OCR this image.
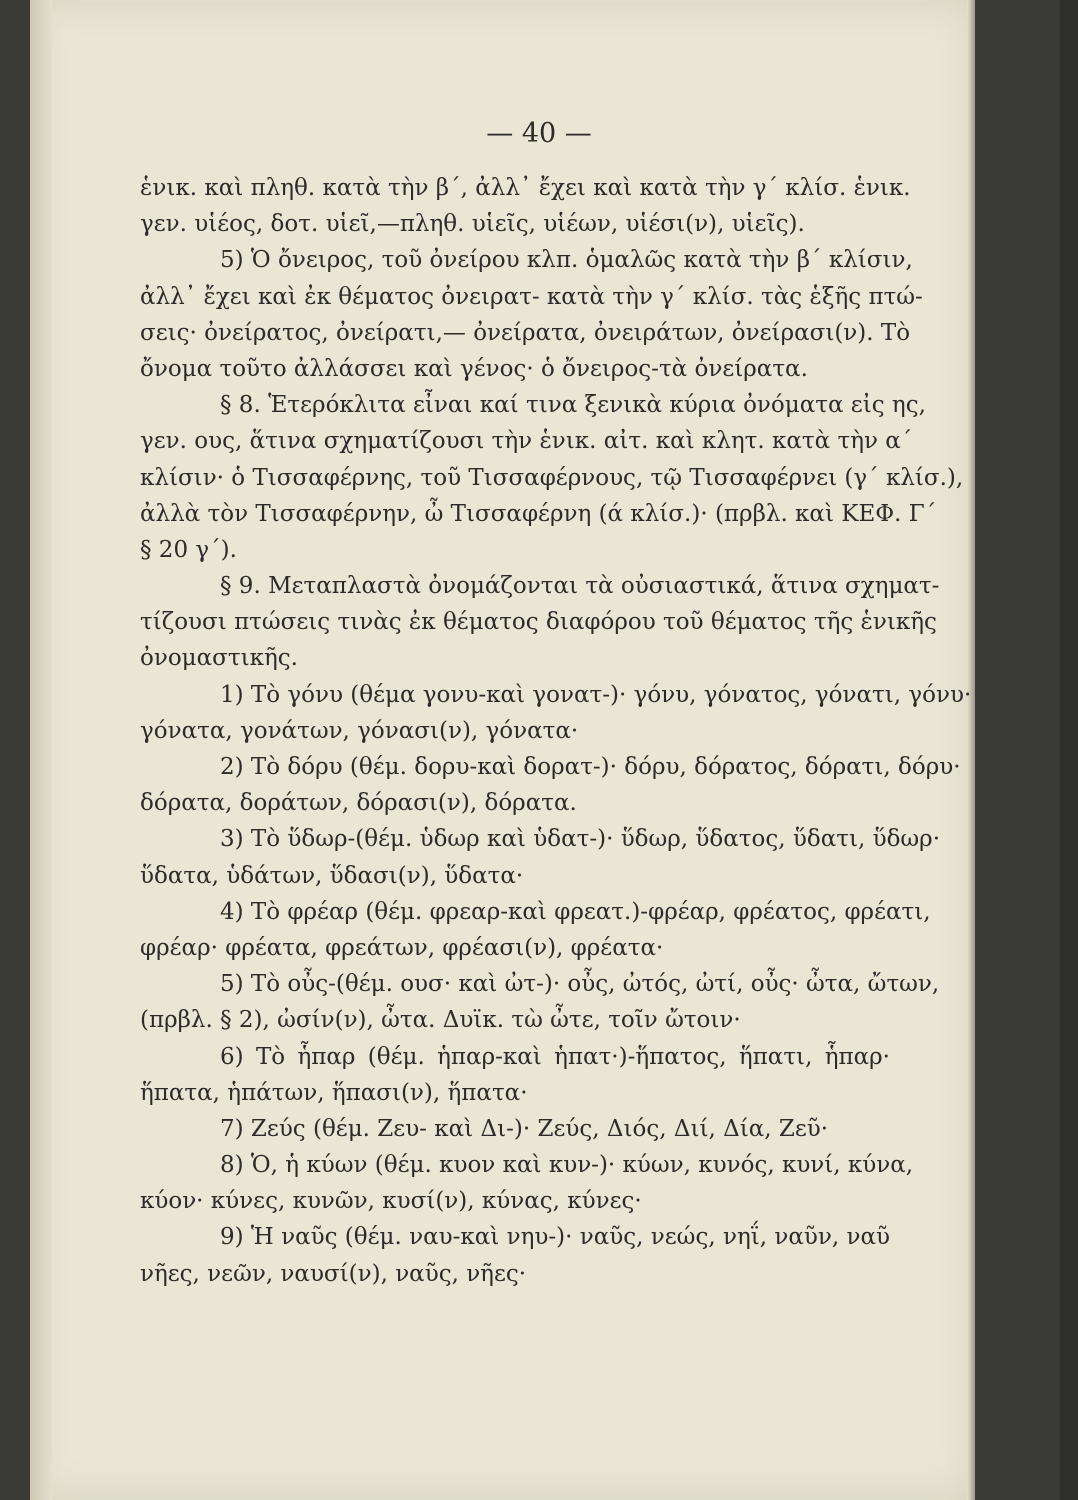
— 40 —
ἑνικ. καὶ πληθ. κατὰ τὴν β΄, ἀλλ᾽ ἔχει καὶ κατὰ τὴν γ΄ κλίσ. ἑνικ.
γεν. υἱέος, δοτ. υἱεῖ,—πληθ. υἱεῖς, υἱέων, υἱέσι(ν), υἱεῖς).
5) Ὁ ὄνειρος, τοῦ ὀνείρου κλπ. ὁμαλῶς κατὰ τὴν β΄ κλίσιν,
ἀλλ᾽ ἔχει καὶ ἐκ θέματος ὀνειρατ- κατὰ τὴν γ΄ κλίσ. τὰς ἑξῆς πτώ-
σεις· ὀνείρατος, ὀνείρατι,— ὀνείρατα, ὀνειράτων, ὀνείρασι(ν). Τὸ
ὄνομα τοῦτο ἀλλάσσει καὶ γένος· ὁ ὄνειρος-τὰ ὀνείρατα.
§ 8. Ἑτερόκλιτα εἶναι καί τινα ξενικὰ κύρια ὀνόματα εἰς ης,
γεν. ους, ἅτινα σχηματίζουσι τὴν ἑνικ. αἰτ. καὶ κλητ. κατὰ τὴν α΄
κλίσιν· ὁ Τισσαφέρνης, τοῦ Τισσαφέρνους, τῷ Τισσαφέρνει (γ΄ κλίσ.),
ἀλλὰ τὸν Τισσαφέρνην, ὦ Τισσαφέρνη (ά κλίσ.)· (πρβλ. καὶ ΚΕΦ. Γ΄
§ 20 γ΄).
§ 9. Μεταπλαστὰ ὀνομάζονται τὰ οὐσιαστικά, ἅτινα σχηματ-
τίζουσι πτώσεις τινὰς ἐκ θέματος διαφόρου τοῦ θέματος τῆς ἑνικῆς
ὀνομαστικῆς.
1) Τὸ γόνυ (θέμα γονυ-καὶ γονατ-)· γόνυ, γόνατος, γόνατι, γόνυ·
γόνατα, γονάτων, γόνασι(ν), γόνατα·
2) Τὸ δόρυ (θέμ. δορυ-καὶ δορατ-)· δόρυ, δόρατος, δόρατι, δόρυ·
δόρατα, δοράτων, δόρασι(ν), δόρατα.
3) Τὸ ὕδωρ-(θέμ. ὑδωρ καὶ ὑδατ-)· ὕδωρ, ὕδατος, ὕδατι, ὕδωρ·
ὕδατα, ὑδάτων, ὕδασι(ν), ὕδατα·
4) Τὸ φρέαρ (θέμ. φρεαρ-καὶ φρεατ.)-φρέαρ, φρέατος, φρέατι,
φρέαρ· φρέατα, φρεάτων, φρέασι(ν), φρέατα·
5) Τὸ οὖς-(θέμ. ουσ· καὶ ὠτ-)· οὖς, ὠτός, ὠτί, οὖς· ὦτα, ὤτων,
(πρβλ. § 2), ὠσίν(ν), ὦτα. Δυϊκ. τὼ ὦτε, τοῖν ὤτοιν·
6) Τὸ ἧπαρ (θέμ. ἡπαρ-καὶ ἡπατ·)-ἥπατος, ἥπατι, ἧπαρ·
ἥπατα, ἡπάτων, ἥπασι(ν), ἥπατα·
7) Ζεύς (θέμ. Ζευ- καὶ Δι-)· Ζεύς, Διός, Διί, Δία, Ζεῦ·
8) Ὁ, ἡ κύων (θέμ. κυον καὶ κυν-)· κύων, κυνός, κυνί, κύνα,
κύον· κύνες, κυνῶν, κυσί(ν), κύνας, κύνες·
9) Ἡ ναῦς (θέμ. ναυ-καὶ νηυ-)· ναῦς, νεώς, νηΐ, ναῦν, ναῦ
νῆες, νεῶν, ναυσί(ν), ναῦς, νῆες·
